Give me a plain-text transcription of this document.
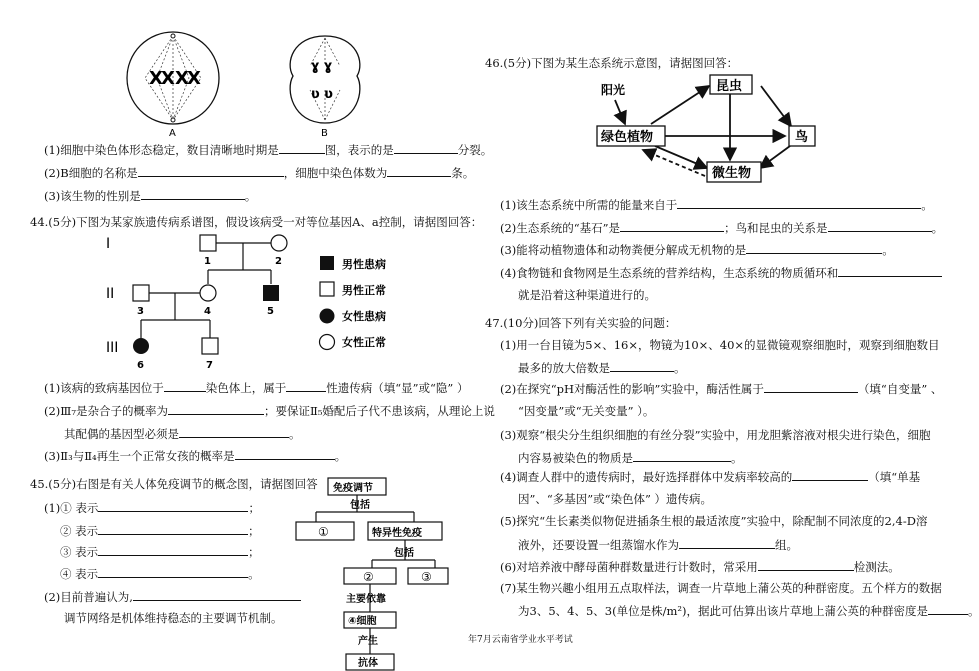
X
X X
X
ɣ ɣ
ʋ ʋ
A	B
(1)细胞中染色体形态稳定，数目清晰地时期是	图，表示的是	分裂。
(2)B细胞的名称是	，细胞中染色体数为	条。
(3)该生物的性别是	。
44.(5分)下图为某家族遗传病系谱图，假设该病受一对等位基因A、a控制，请据图回答：
I
II
III
1	2
3	4	5
6	7
男性患病
男性正常
女性患病
女性正常
(1)该病的致病基因位于	染色体上，属于	性遗传病（填“显”或“隐” ）
(2)Ⅲ₇是杂合子的概率为	；要保证Ⅱ₅婚配后子代不患该病，从理论上说
其配偶的基因型必须是	。
(3)Ⅱ₃与Ⅱ₄再生一个正常女孩的概率是	。
45.(5分)右图是有关人体免疫调节的概念图，请据图回答
(1)① 表示	；
② 表示	；
③ 表示	；
④ 表示	。
(2)目前普遍认为,
调节网络是机体维持稳态的主要调节机制。
免疫调节
包括
①	特异性免疫
包括
②	③
主要依靠
④细胞
产生
抗体
46.(5分)下图为某生态系统示意图，请据图回答：
阳光	昆虫
绿色植物	鸟
微生物
(1)该生态系统中所需的能量来自于	。
(2)生态系统的“基石”是	；鸟和昆虫的关系是	。
(3)能将动植物遗体和动物粪便分解成无机物的是	。
(4)食物链和食物网是生态系统的营养结构，生态系统的物质循环和
就是沿着这种渠道进行的。
47.(10分)回答下列有关实验的问题：
(1)用一台目镜为5×、16×，物镜为10×、40×的显微镜观察细胞时，观察到细胞数目
最多的放大倍数是	。
(2)在探究“pH对酶活性的影响”实验中，酶活性属于	（填“自变量” 、
“因变量”或“无关变量” ）。
(3)观察“根尖分生组织细胞的有丝分裂”实验中，用龙胆紫溶液对根尖进行染色，细胞
内容易被染色的物质是	。
(4)调查人群中的遗传病时，最好选择群体中发病率较高的	（填“单基
因”、“多基因”或“染色体” ）遗传病。
(5)探究“生长素类似物促进插条生根的最适浓度”实验中，除配制不同浓度的2,4-D溶
液外，还要设置一组蒸馏水作为	组。
(6)对培养液中酵母菌种群数量进行计数时，常采用	检测法。
(7)某生物兴趣小组用五点取样法，调查一片草地上蒲公英的种群密度。五个样方的数据
为3、5、4、5、3(单位是株/m²)，据此可估算出该片草地上蒲公英的种群密度是	。
年7月云南省学业水平考试
